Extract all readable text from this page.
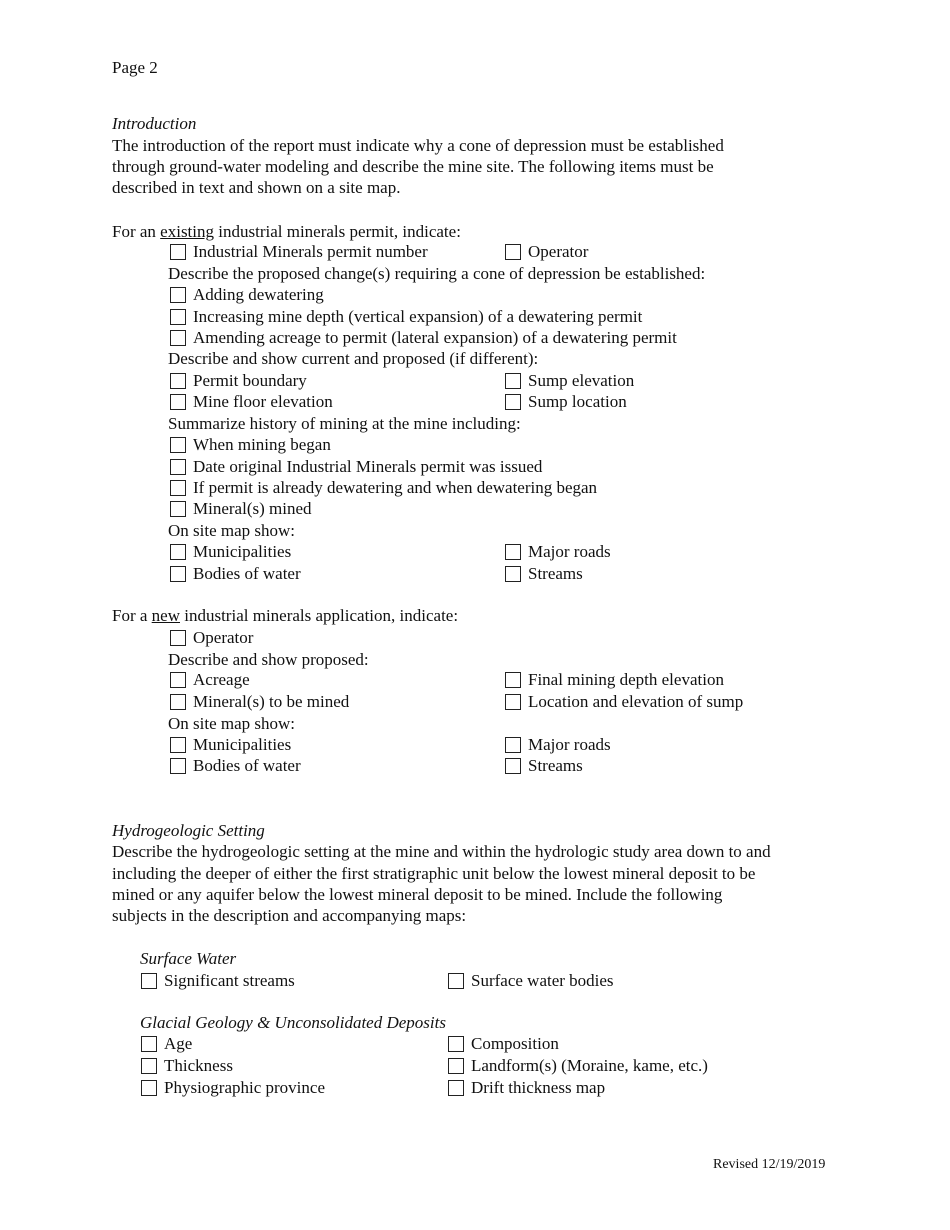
Page 2
Introduction
The introduction of the report must indicate why a cone of depression must be established
through ground-water modeling and describe the mine site. The following items must be
described in text and shown on a site map.
For an existing industrial minerals permit, indicate:
Industrial Minerals permit number	Operator
Describe the proposed change(s) requiring a cone of depression be established:
Adding dewatering
Increasing mine depth (vertical expansion) of a dewatering permit
Amending acreage to permit (lateral expansion) of a dewatering permit
Describe and show current and proposed (if different):
Permit boundary	Sump elevation
Mine floor elevation	Sump location
Summarize history of mining at the mine including:
When mining began
Date original Industrial Minerals permit was issued
If permit is already dewatering and when dewatering began
Mineral(s) mined
On site map show:
Municipalities	Major roads
Bodies of water	Streams
For a new industrial minerals application, indicate:
Operator
Describe and show proposed:
Acreage	Final mining depth elevation
Mineral(s) to be mined	Location and elevation of sump
On site map show:
Municipalities	Major roads
Bodies of water	Streams
Hydrogeologic Setting
Describe the hydrogeologic setting at the mine and within the hydrologic study area down to and
including the deeper of either the first stratigraphic unit below the lowest mineral deposit to be
mined or any aquifer below the lowest mineral deposit to be mined. Include the following
subjects in the description and accompanying maps:
Surface Water
Significant streams	Surface water bodies
Glacial Geology & Unconsolidated Deposits
Age	Composition
Thickness	Landform(s) (Moraine, kame, etc.)
Physiographic province	Drift thickness map
Revised 12/19/2019
